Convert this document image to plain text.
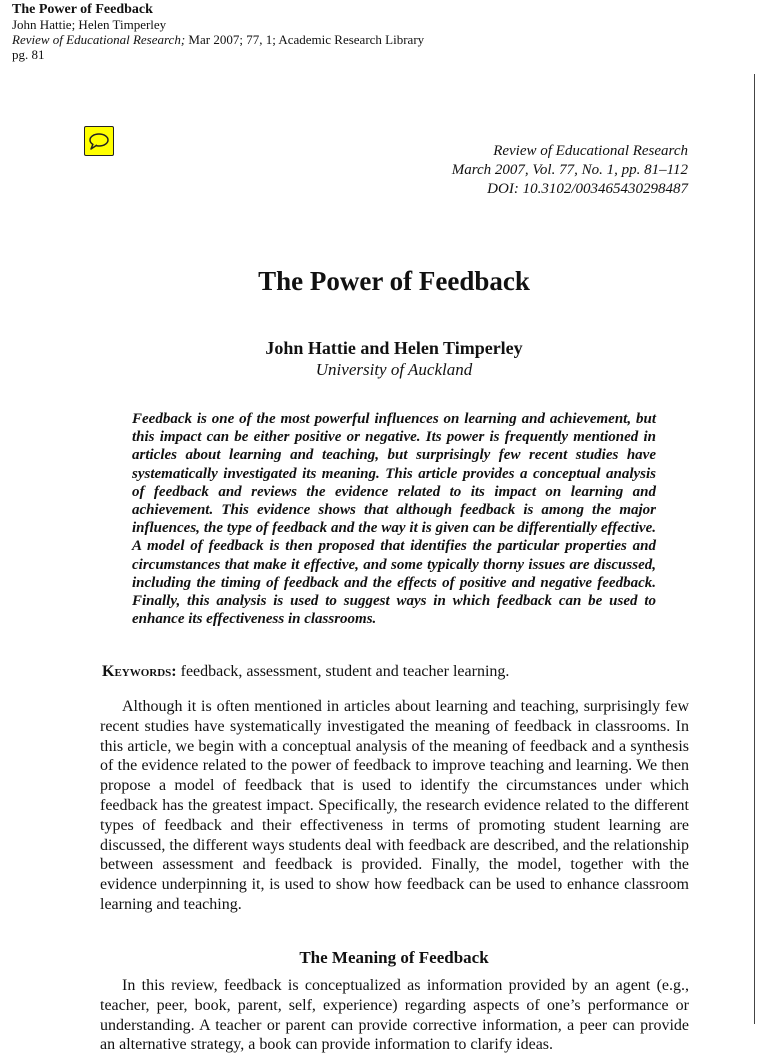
The Power of Feedback
John Hattie; Helen Timperley
Review of Educational Research; Mar 2007; 77, 1; Academic Research Library
pg. 81
Review of Educational Research
March 2007, Vol. 77, No. 1, pp. 81–112
DOI: 10.3102/003465430298487
The Power of Feedback
John Hattie and Helen Timperley
University of Auckland

Feedback is one of the most powerful influences on learning and achievement, but this impact can be either positive or negative. Its power is frequently mentioned in articles about learning and teaching, but surprisingly few recent studies have systematically investigated its meaning. This article provides a conceptual analysis of feedback and reviews the evidence related to its impact on learning and achievement. This evidence shows that although feedback is among the major influences, the type of feedback and the way it is given can be differentially effective. A model of feedback is then proposed that identifies the particular properties and circumstances that make it effective, and some typically thorny issues are discussed, including the timing of feedback and the effects of positive and negative feedback. Finally, this analysis is used to suggest ways in which feedback can be used to enhance its effectiveness in classrooms.

Keywords: feedback, assessment, student and teacher learning.

Although it is often mentioned in articles about learning and teaching, surprisingly few recent studies have systematically investigated the meaning of feedback in classrooms. In this article, we begin with a conceptual analysis of the meaning of feedback and a synthesis of the evidence related to the power of feedback to improve teaching and learning. We then propose a model of feedback that is used to identify the circumstances under which feedback has the greatest impact. Specifically, the research evidence related to the different types of feedback and their effectiveness in terms of promoting student learning are discussed, the different ways students deal with feedback are described, and the relationship between assessment and feedback is provided. Finally, the model, together with the evidence underpinning it, is used to show how feedback can be used to enhance classroom learning and teaching.

The Meaning of Feedback

In this review, feedback is conceptualized as information provided by an agent (e.g., teacher, peer, book, parent, self, experience) regarding aspects of one’s performance or understanding. A teacher or parent can provide corrective information, a peer can provide an alternative strategy, a book can provide information to clarify ideas.
